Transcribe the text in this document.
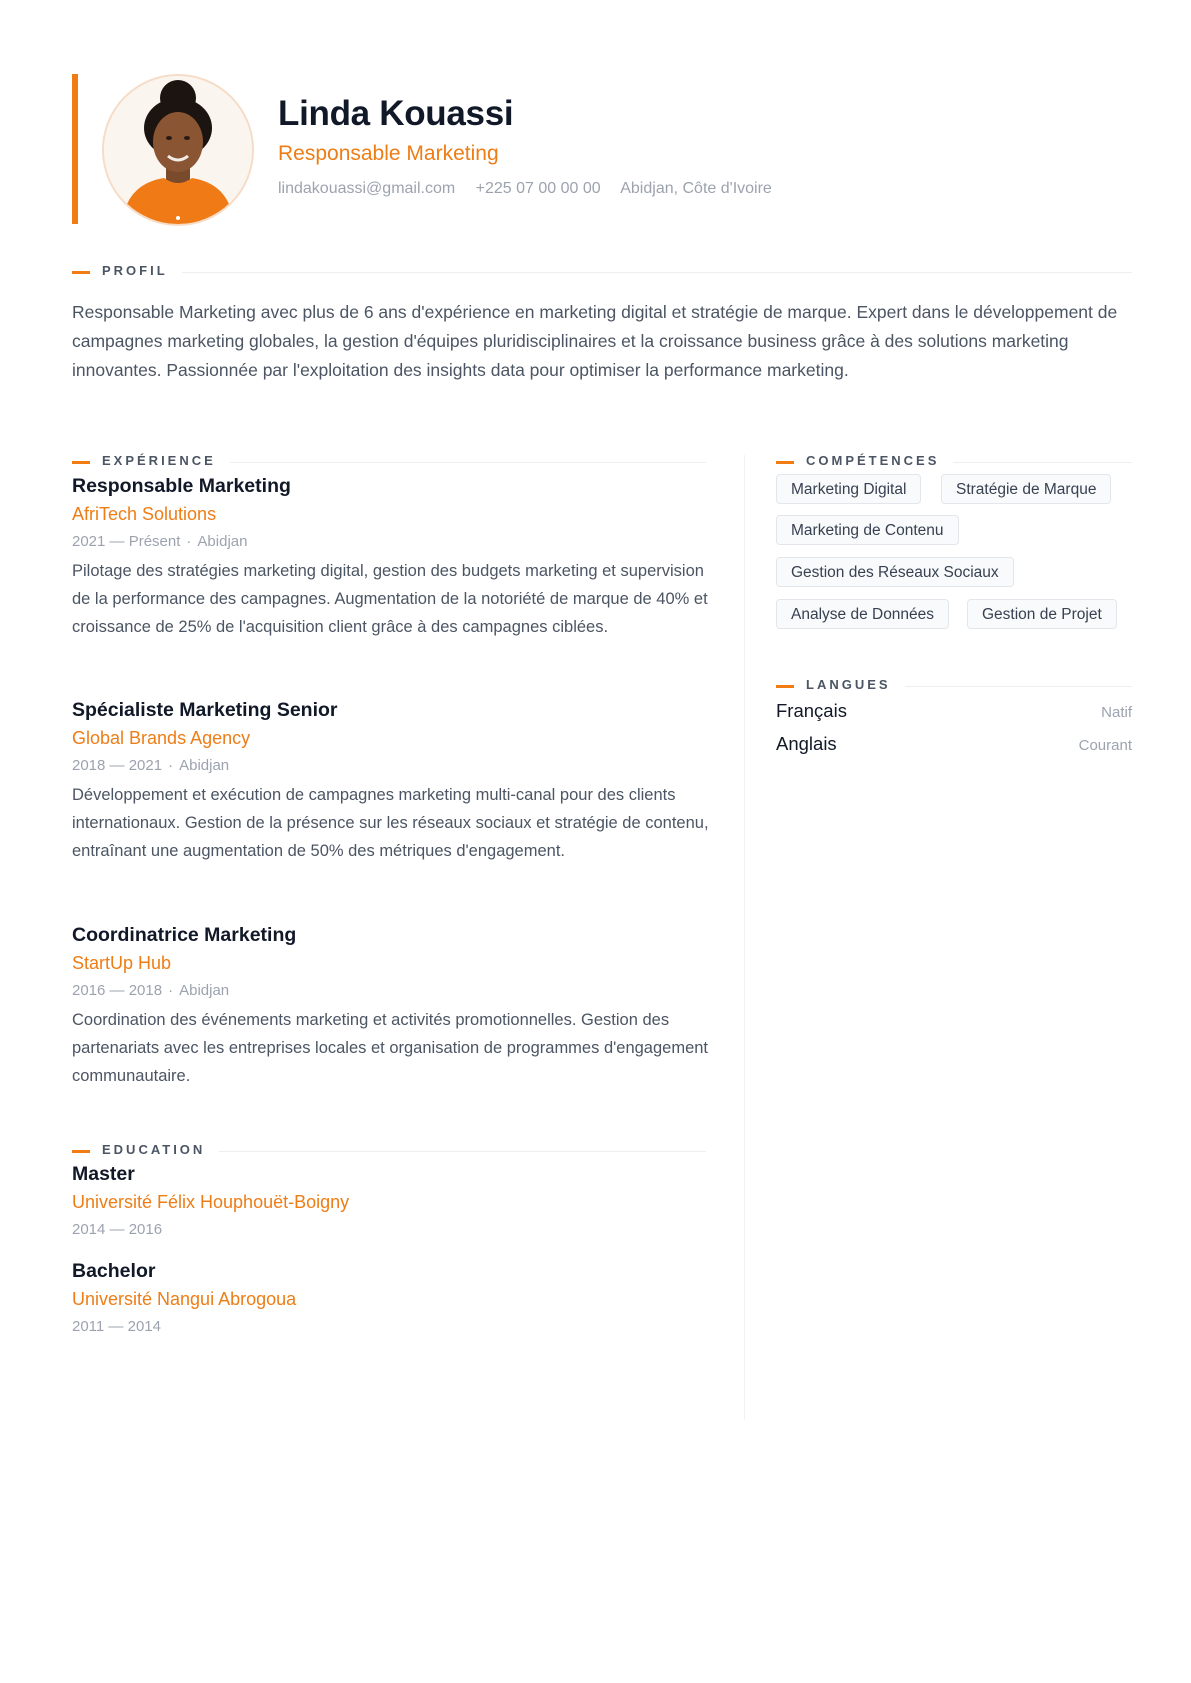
Linda Kouassi
Responsable Marketing
lindakouassi@gmail.com +225 07 00 00 00 Abidjan, Côte d'Ivoire
PROFIL

Responsable Marketing avec plus de 6 ans d'expérience en marketing digital et stratégie de marque. Expert dans le développement de campagnes marketing globales, la gestion d'équipes pluridisciplinaires et la croissance business grâce à des solutions marketing innovantes. Passionnée par l'exploitation des insights data pour optimiser la performance marketing.

EXPÉRIENCE
Responsable Marketing
AfriTech Solutions
2021 — Présent · Abidjan
Pilotage des stratégies marketing digital, gestion des budgets marketing et supervision de la performance des campagnes. Augmentation de la notoriété de marque de 40% et croissance de 25% de l'acquisition client grâce à des campagnes ciblées.
Spécialiste Marketing Senior
Global Brands Agency
2018 — 2021 · Abidjan
Développement et exécution de campagnes marketing multi-canal pour des clients internationaux. Gestion de la présence sur les réseaux sociaux et stratégie de contenu, entraînant une augmentation de 50% des métriques d'engagement.
Coordinatrice Marketing
StartUp Hub
2016 — 2018 · Abidjan
Coordination des événements marketing et activités promotionnelles. Gestion des partenariats avec les entreprises locales et organisation de programmes d'engagement communautaire.
EDUCATION
Master
Université Félix Houphouët-Boigny
2014 — 2016
Bachelor
Université Nangui Abrogoua
2011 — 2014
COMPÉTENCES
Marketing Digital	Stratégie de Marque
Marketing de Contenu
Gestion des Réseaux Sociaux
Analyse de Données	Gestion de Projet
LANGUES
Français	Natif
Anglais	Courant
